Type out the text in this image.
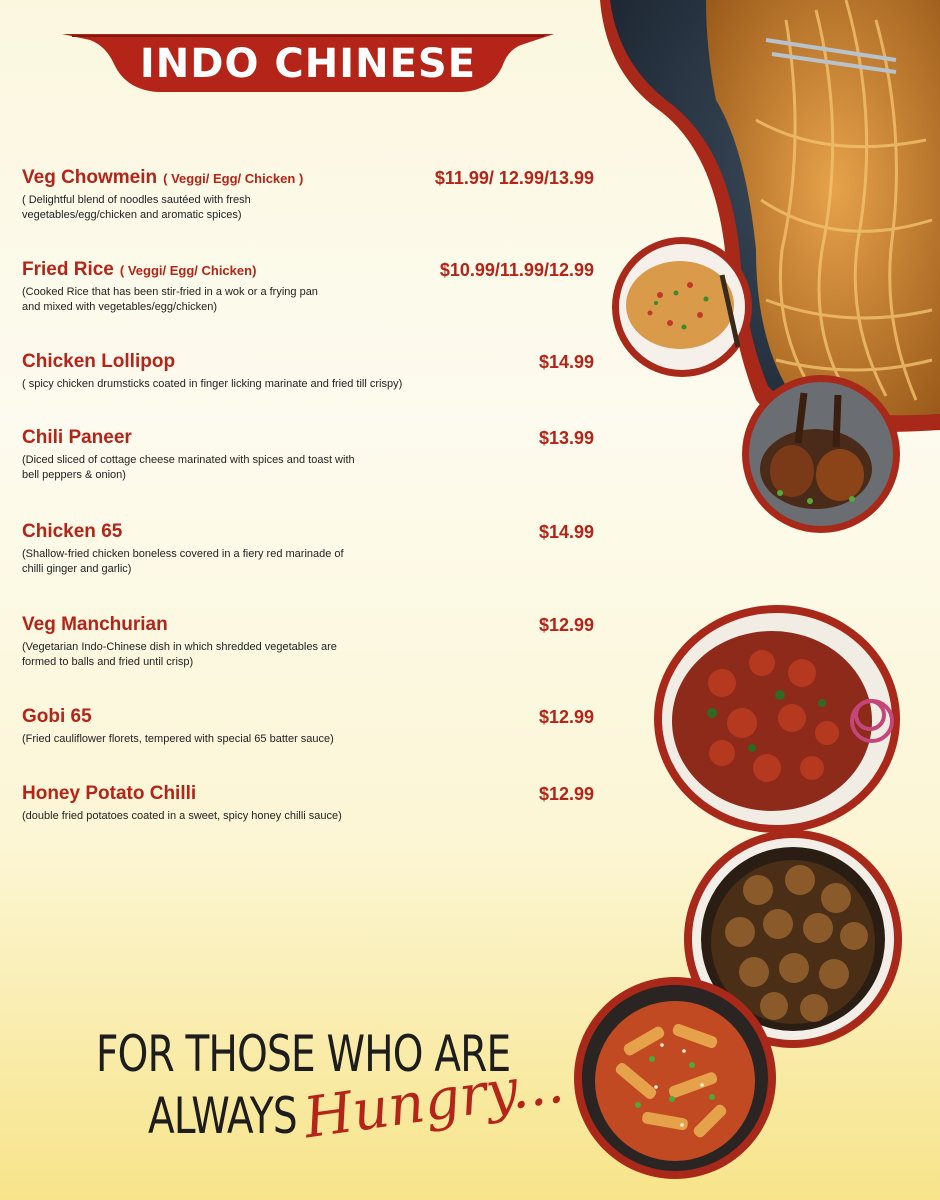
INDO CHINESE
Veg Chowmein ( Veggi/ Egg/ Chicken )	$11.99/ 12.99/13.99
( Delightful blend of noodles sautéed with fresh vegetables/egg/chicken and aromatic spices)
Fried Rice ( Veggi/ Egg/ Chicken)	$10.99/11.99/12.99
(Cooked Rice that has been stir-fried in a wok or a frying pan and mixed with vegetables/egg/chicken)
Chicken Lollipop	$14.99
( spicy chicken drumsticks coated in finger licking marinate and fried till crispy)
Chili Paneer	$13.99
(Diced sliced of cottage cheese marinated with spices and toast with bell peppers & onion)
Chicken 65	$14.99
(Shallow-fried chicken boneless covered in a fiery red marinade of chilli ginger and garlic)
Veg Manchurian	$12.99
(Vegetarian Indo-Chinese dish in which shredded vegetables are formed to balls and fried until crisp)
Gobi 65	$12.99
(Fried cauliflower florets, tempered with special 65 batter sauce)
Honey Potato Chilli	$12.99
(double fried potatoes coated in a sweet, spicy honey chilli sauce)
FOR THOSE WHO ARE
ALWAYS Hungry...
